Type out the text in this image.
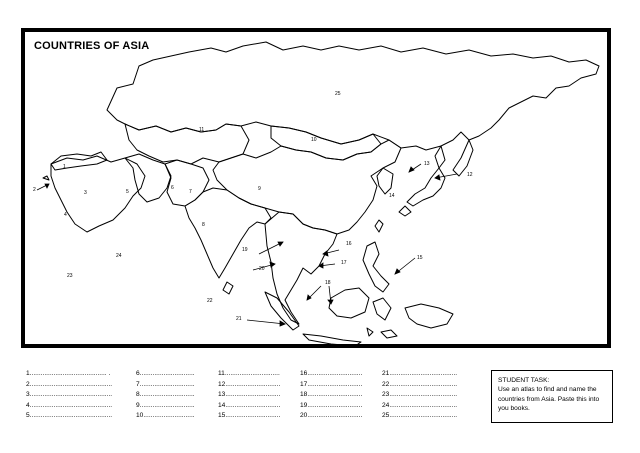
1
2	3
4
5
6
7
8
9
10
11
12
13
14
15
16
17
18
19
20
21
22
23
24
25
COUNTRIES OF ASIA
1.......................................... .
2.............................................
3.............................................
4.............................................
5.............................................
6..............................
7..............................
8..............................
9..............................
10............................
11..............................
12..............................
13..............................
14..............................
15..............................
16..............................
17..............................
18..............................
19..............................
20..............................
21.....................................
22.....................................
23.....................................
24.....................................
25.....................................
STUDENT TASK:
Use an atlas to find and name the countries from Asia. Paste this into you books.
